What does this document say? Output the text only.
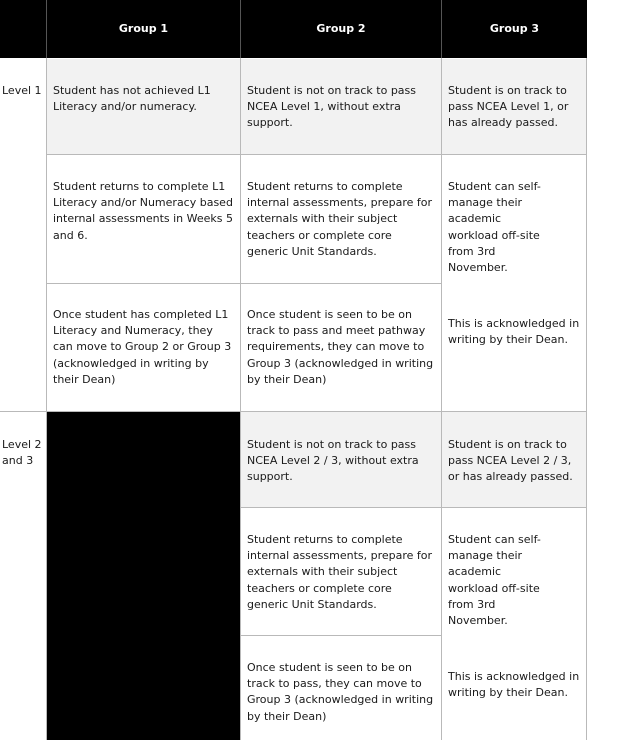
Group 1	Group 2	Group 3
Level 1
Level 2 and 3
Student has not achieved L1 Literacy and/or numeracy.
Student is not on track to pass NCEA Level 1, without extra support.
Student is on track to pass NCEA Level 1, or has already passed.
Student returns to complete L1 Literacy and/or Numeracy based internal assessments in Weeks 5 and 6.
Student returns to complete internal assessments, prepare for externals with their subject teachers or complete core generic Unit Standards.
Student can self-manage their academic workload off-site from 3rd November.
This is acknowledged in writing by their Dean.
Once student has completed L1 Literacy and Numeracy, they can move to Group 2 or Group 3 (acknowledged in writing by their Dean)
Once student is seen to be on track to pass and meet pathway requirements, they can move to Group 3 (acknowledged in writing by their Dean)
Student is not on track to pass NCEA Level 2 / 3, without extra support.
Student is on track to pass NCEA Level 2 / 3, or has already passed.
Student returns to complete internal assessments, prepare for externals with their subject teachers or complete core generic Unit Standards.
Student can self-manage their academic workload off-site from 3rd November.
This is acknowledged in writing by their Dean.
Once student is seen to be on track to pass, they can move to Group 3 (acknowledged in writing by their Dean)
